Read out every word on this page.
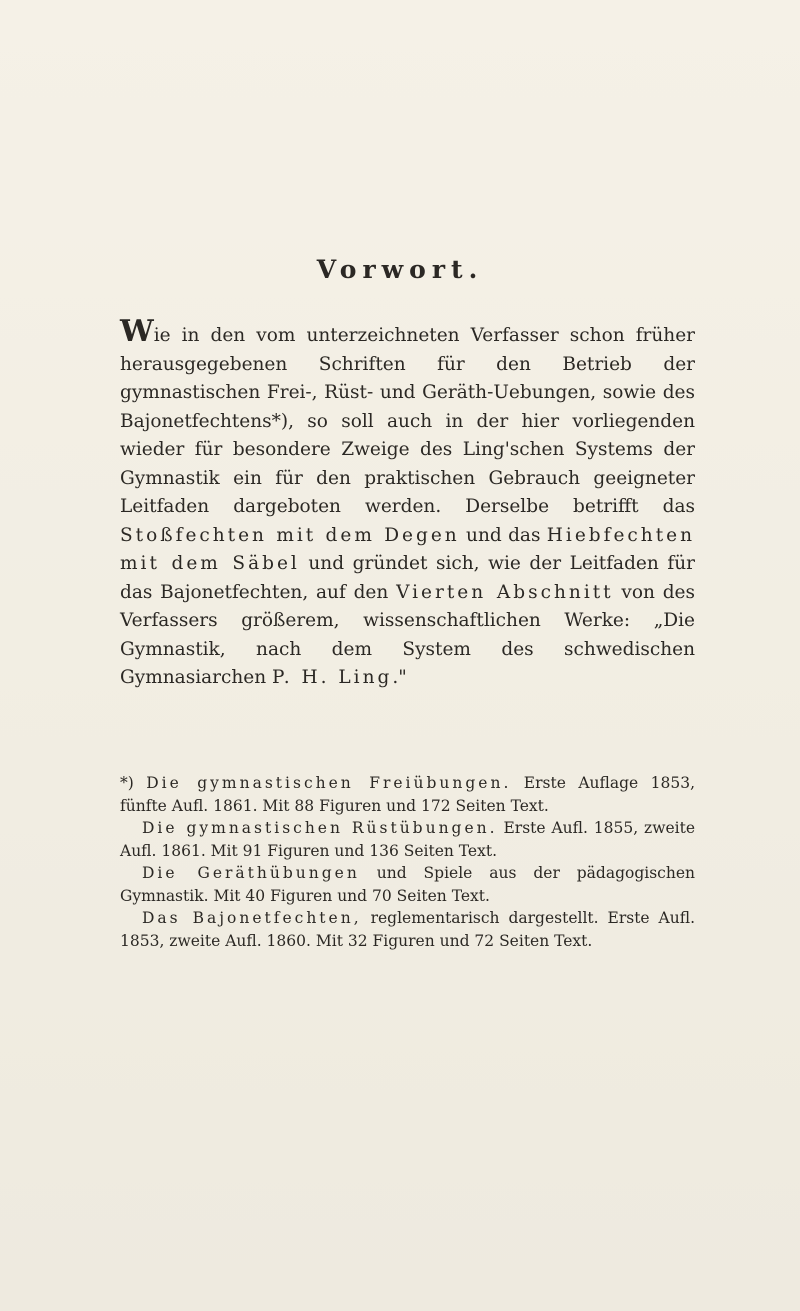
Vorwort.

Wie in den vom unterzeichneten Verfasser schon früher herausgegebenen Schriften für den Betrieb der gymnastischen Frei-, Rüst- und Geräth-Uebungen, sowie des Bajonetfechtens*), so soll auch in der hier vorliegenden wieder für besondere Zweige des Ling'schen Systems der Gymnastik ein für den praktischen Gebrauch geeigneter Leitfaden dargeboten werden. Derselbe betrifft das Stoßfechten mit dem Degen und das Hiebfechten mit dem Säbel und gründet sich, wie der Leitfaden für das Bajonetfechten, auf den Vierten Abschnitt von des Verfassers größerem, wissenschaftlichen Werke: „Die Gymnastik, nach dem System des schwedischen Gymnasiarchen P. H. Ling."

*) Die gymnastischen Freiübungen. Erste Auflage 1853, fünfte Aufl. 1861. Mit 88 Figuren und 172 Seiten Text.

Die gymnastischen Rüstübungen. Erste Aufl. 1855, zweite Aufl. 1861. Mit 91 Figuren und 136 Seiten Text.

Die Geräthübungen und Spiele aus der pädagogischen Gymnastik. Mit 40 Figuren und 70 Seiten Text.

Das Bajonetfechten, reglementarisch dargestellt. Erste Aufl. 1853, zweite Aufl. 1860. Mit 32 Figuren und 72 Seiten Text.
